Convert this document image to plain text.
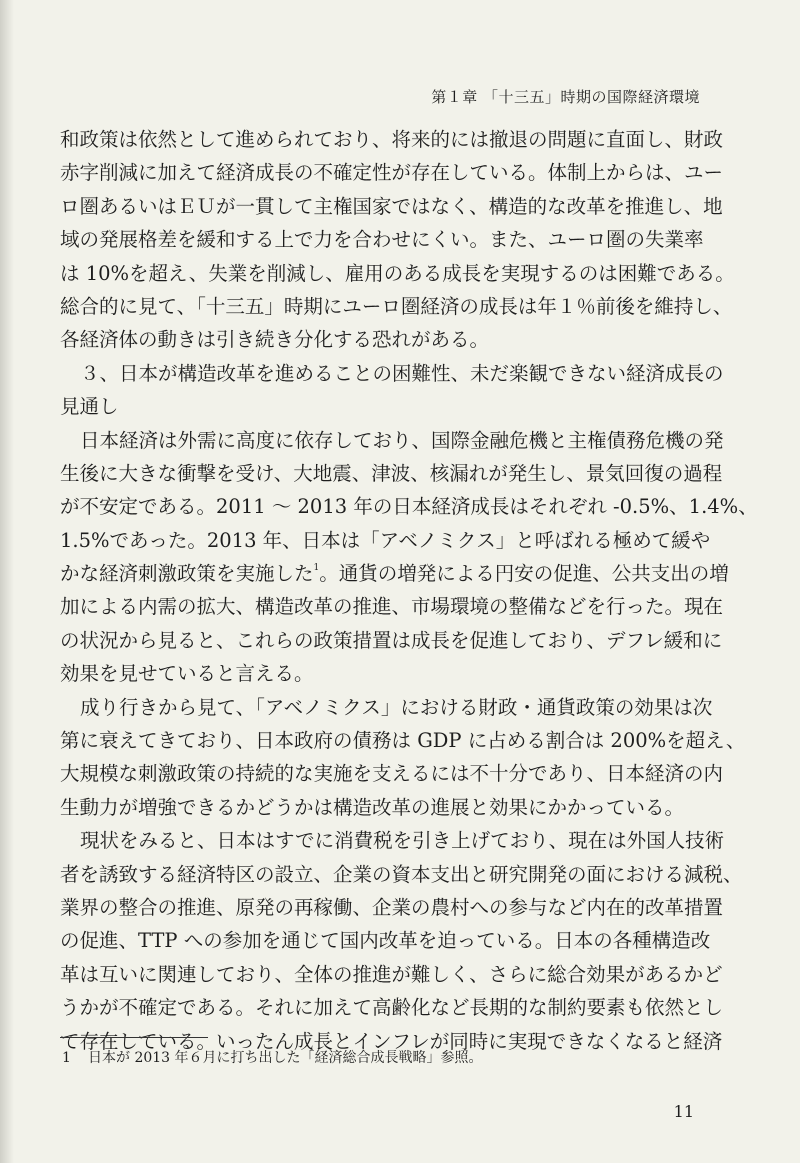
第１章 「十三五」時期の国際経済環境
和政策は依然として進められており、将来的には撤退の問題に直面し、財政
赤字削減に加えて経済成長の不確定性が存在している。体制上からは、ユー
ロ圏あるいはＥＵが一貫して主権国家ではなく、構造的な改革を推進し、地
域の発展格差を緩和する上で力を合わせにくい。また、ユーロ圏の失業率
は 10%を超え、失業を削減し、雇用のある成長を実現するのは困難である。
総合的に見て、「十三五」時期にユーロ圏経済の成長は年１％前後を維持し、
各経済体の動きは引き続き分化する恐れがある。
３、日本が構造改革を進めることの困難性、未だ楽観できない経済成長の
見通し
日本経済は外需に高度に依存しており、国際金融危機と主権債務危機の発
生後に大きな衝撃を受け、大地震、津波、核漏れが発生し、景気回復の過程
が不安定である。2011 ～ 2013 年の日本経済成長はそれぞれ -0.5%、1.4%、
1.5%であった。2013 年、日本は「アベノミクス」と呼ばれる極めて緩や
かな経済刺激政策を実施した$^1$。通貨の増発による円安の促進、公共支出の増
加による内需の拡大、構造改革の推進、市場環境の整備などを行った。現在
の状況から見ると、これらの政策措置は成長を促進しており、デフレ緩和に
効果を見せていると言える。
成り行きから見て、「アベノミクス」における財政・通貨政策の効果は次
第に衰えてきており、日本政府の債務は GDP に占める割合は 200%を超え、
大規模な刺激政策の持続的な実施を支えるには不十分であり、日本経済の内
生動力が増強できるかどうかは構造改革の進展と効果にかかっている。
現状をみると、日本はすでに消費税を引き上げており、現在は外国人技術
者を誘致する経済特区の設立、企業の資本支出と研究開発の面における減税、
業界の整合の推進、原発の再稼働、企業の農村への参与など内在的改革措置
の促進、TTP への参加を通じて国内改革を迫っている。日本の各種構造改
革は互いに関連しており、全体の推進が難しく、さらに総合効果があるかど
うかが不確定である。それに加えて高齢化など長期的な制約要素も依然とし
て存在している。いったん成長とインフレが同時に実現できなくなると経済
1 日本が 2013 年６月に打ち出した「経済総合成長戦略」参照。
11
